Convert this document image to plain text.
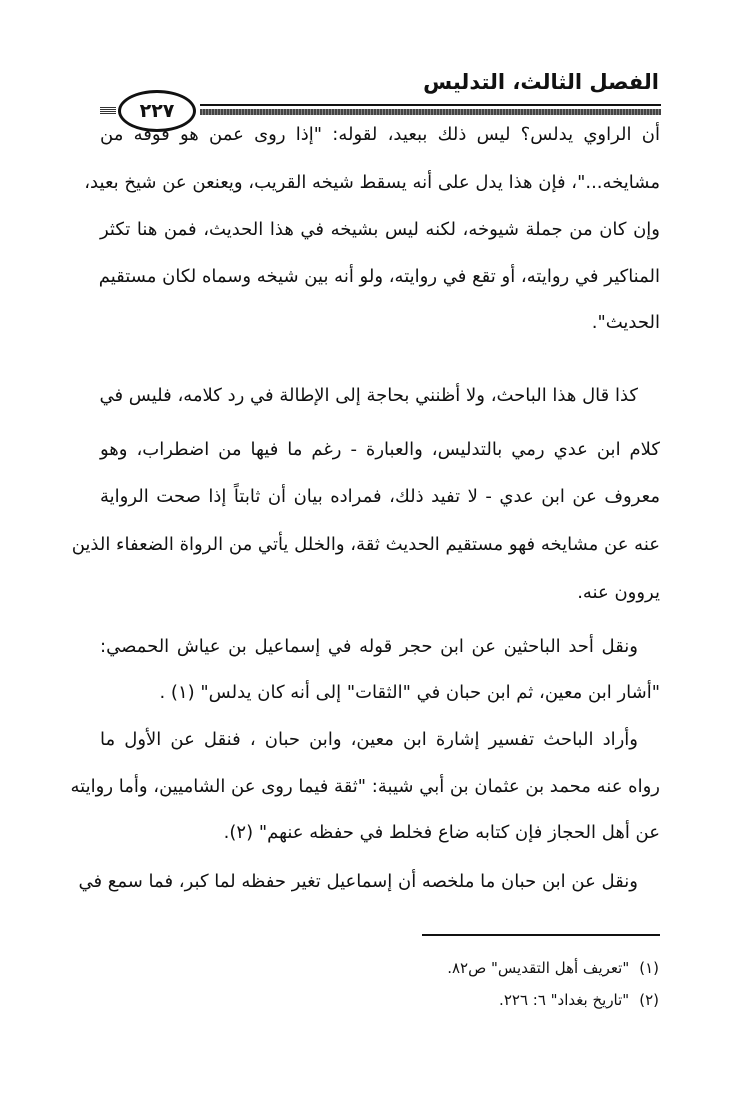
الفصل الثالث، التدليس
٢٢٧
أن الراوي يدلس؟ ليس ذلك ببعيد، لقوله: "إذا روى عمن هو فوقه من
مشايخه..."، فإن هذا يدل على أنه يسقط شيخه القريب، ويعنعن عن شيخ بعيد،
وإن كان من جملة شيوخه، لكنه ليس بشيخه في هذا الحديث، فمن هنا تكثر
المناكير في روايته، أو تقع في روايته، ولو أنه بين شيخه وسماه لكان مستقيم
الحديث".
كذا قال هذا الباحث، ولا أظنني بحاجة إلى الإطالة في رد كلامه، فليس في
كلام ابن عدي رمي بالتدليس، والعبارة - رغم ما فيها من اضطراب، وهو
معروف عن ابن عدي - لا تفيد ذلك، فمراده بيان أن ثابتاً إذا صحت الرواية
عنه عن مشايخه فهو مستقيم الحديث ثقة، والخلل يأتي من الرواة الضعفاء الذين
يروون عنه.
ونقل أحد الباحثين عن ابن حجر قوله في إسماعيل بن عياش الحمصي:
"أشار ابن معين، ثم ابن حبان في "الثقات" إلى أنه كان يدلس" (١) .
وأراد الباحث تفسير إشارة ابن معين، وابن حبان ، فنقل عن الأول ما
رواه عنه محمد بن عثمان بن أبي شيبة: "ثقة فيما روى عن الشاميين، وأما روايته
عن أهل الحجاز فإن كتابه ضاع فخلط في حفظه عنهم" (٢).
ونقل عن ابن حبان ما ملخصه أن إسماعيل تغير حفظه لما كبر، فما سمع في
(١)"تعريف أهل التقديس" ص٨٢.
(٢)"تاريخ بغداد" ٦: ٢٢٦.
